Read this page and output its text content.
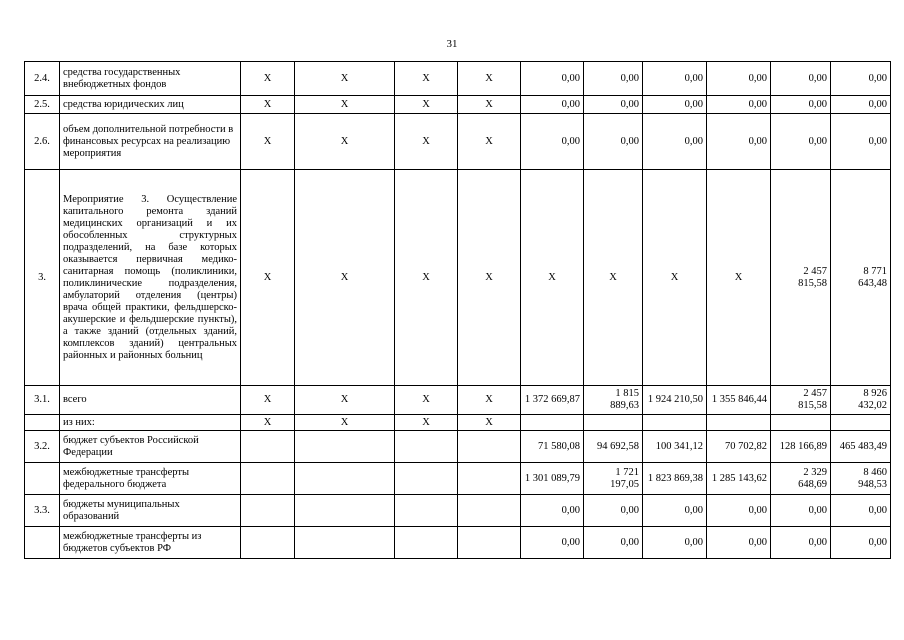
31
2.4.	средства государственных внебюджетных фондов	X	X	X	X	0,00	0,00	0,00	0,00	0,00	0,00
2.5.	средства юридических лиц	X	X	X	X	0,00	0,00	0,00	0,00	0,00	0,00
2.6.	объем дополнительной потребности в финансовых ресурсах на реализацию мероприятия	X	X	X	X	0,00	0,00	0,00	0,00	0,00	0,00
3.	Мероприятие 3. Осуществление капитального ремонта зданий медицинских организаций и их обособленных структурных подразделений, на базе которых оказывается первичная медико-санитарная помощь (поликлиники, поликлинические подразделения, амбулаторий отделения (центры) врача общей практики, фельдшерско-акушерские и фельдшерские пункты), а также зданий (отдельных зданий, комплексов зданий) центральных районных и районных больниц	X	X	X	X	X	X	X	X	2 457 815,58	8 771 643,48
3.1.	всего	X	X	X	X	1 372 669,87	1 815 889,63	1 924 210,50	1 355 846,44	2 457 815,58	8 926 432,02
	из них:	X	X	X	X						
3.2.	бюджет субъектов Российской Федерации					71 580,08	94 692,58	100 341,12	70 702,82	128 166,89	465 483,49
	межбюджетные трансферты федерального бюджета					1 301 089,79	1 721 197,05	1 823 869,38	1 285 143,62	2 329 648,69	8 460 948,53
3.3.	бюджеты муниципальных образований					0,00	0,00	0,00	0,00	0,00	0,00
	межбюджетные трансферты из бюджетов субъектов РФ					0,00	0,00	0,00	0,00	0,00	0,00
